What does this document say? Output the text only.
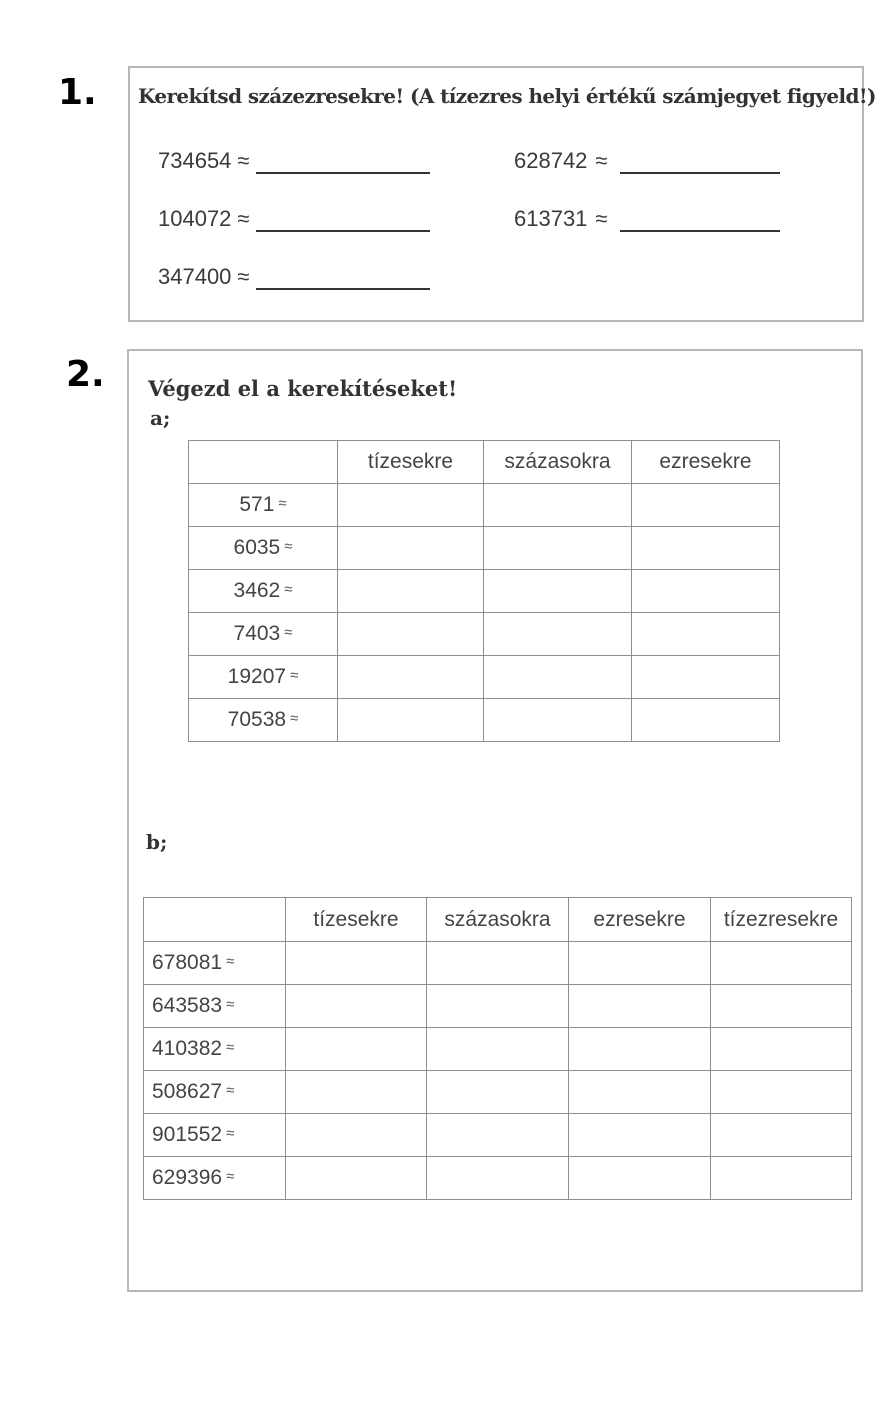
1. Kerekítsd százezresekre! (A tízezres helyi értékű számjegyet figyeld!)
734654 ≈	628742 ≈
104072 ≈	613731 ≈
347400 ≈
2. Végezd el a kerekítéseket!
a;
	tízesekre	százasokra	ezresekre
571 ≈			
6035 ≈			
3462 ≈			
7403 ≈			
19207 ≈			
70538 ≈			
b;
	tízesekre	százasokra	ezresekre	tízezresekre
678081 ≈				
643583 ≈				
410382 ≈				
508627 ≈				
901552 ≈				
629396 ≈				
